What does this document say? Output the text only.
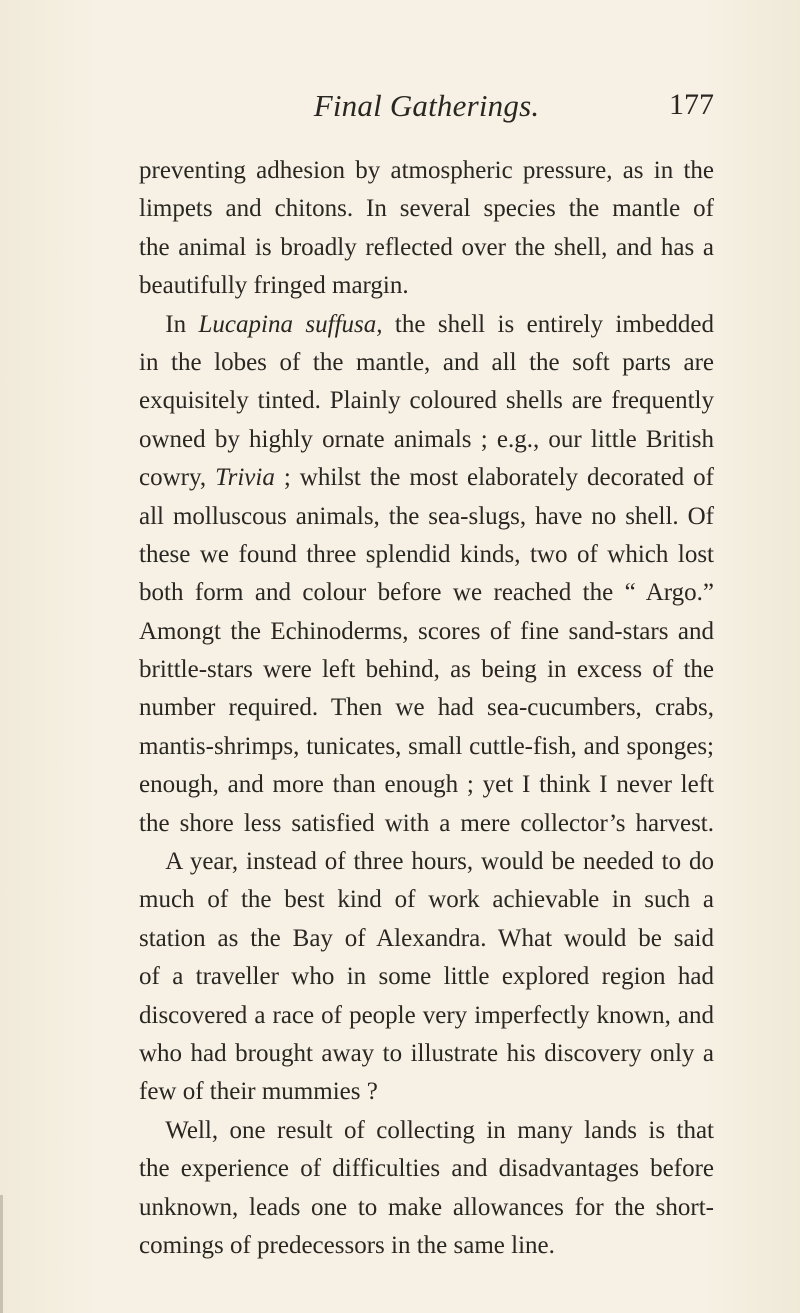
Final Gatherings.	177
preventing adhesion by atmospheric pressure, as in the
limpets and chitons. In several species the mantle of
the animal is broadly reflected over the shell, and has a
beautifully fringed margin.
In Lucapina suffusa, the shell is entirely imbedded
in the lobes of the mantle, and all the soft parts are
exquisitely tinted. Plainly coloured shells are frequently
owned by highly ornate animals ; e.g., our little British
cowry, Trivia ; whilst the most elaborately decorated of
all molluscous animals, the sea-slugs, have no shell. Of
these we found three splendid kinds, two of which lost
both form and colour before we reached the “ Argo.”
Amongt the Echinoderms, scores of fine sand-stars and
brittle-stars were left behind, as being in excess of the
number required. Then we had sea-cucumbers, crabs,
mantis-shrimps, tunicates, small cuttle-fish, and sponges;
enough, and more than enough ; yet I think I never left
the shore less satisfied with a mere collector’s harvest.
A year, instead of three hours, would be needed to do
much of the best kind of work achievable in such a
station as the Bay of Alexandra. What would be said
of a traveller who in some little explored region had
discovered a race of people very imperfectly known, and
who had brought away to illustrate his discovery only a
few of their mummies ?
Well, one result of collecting in many lands is that
the experience of difficulties and disadvantages before
unknown, leads one to make allowances for the short-
comings of predecessors in the same line.
